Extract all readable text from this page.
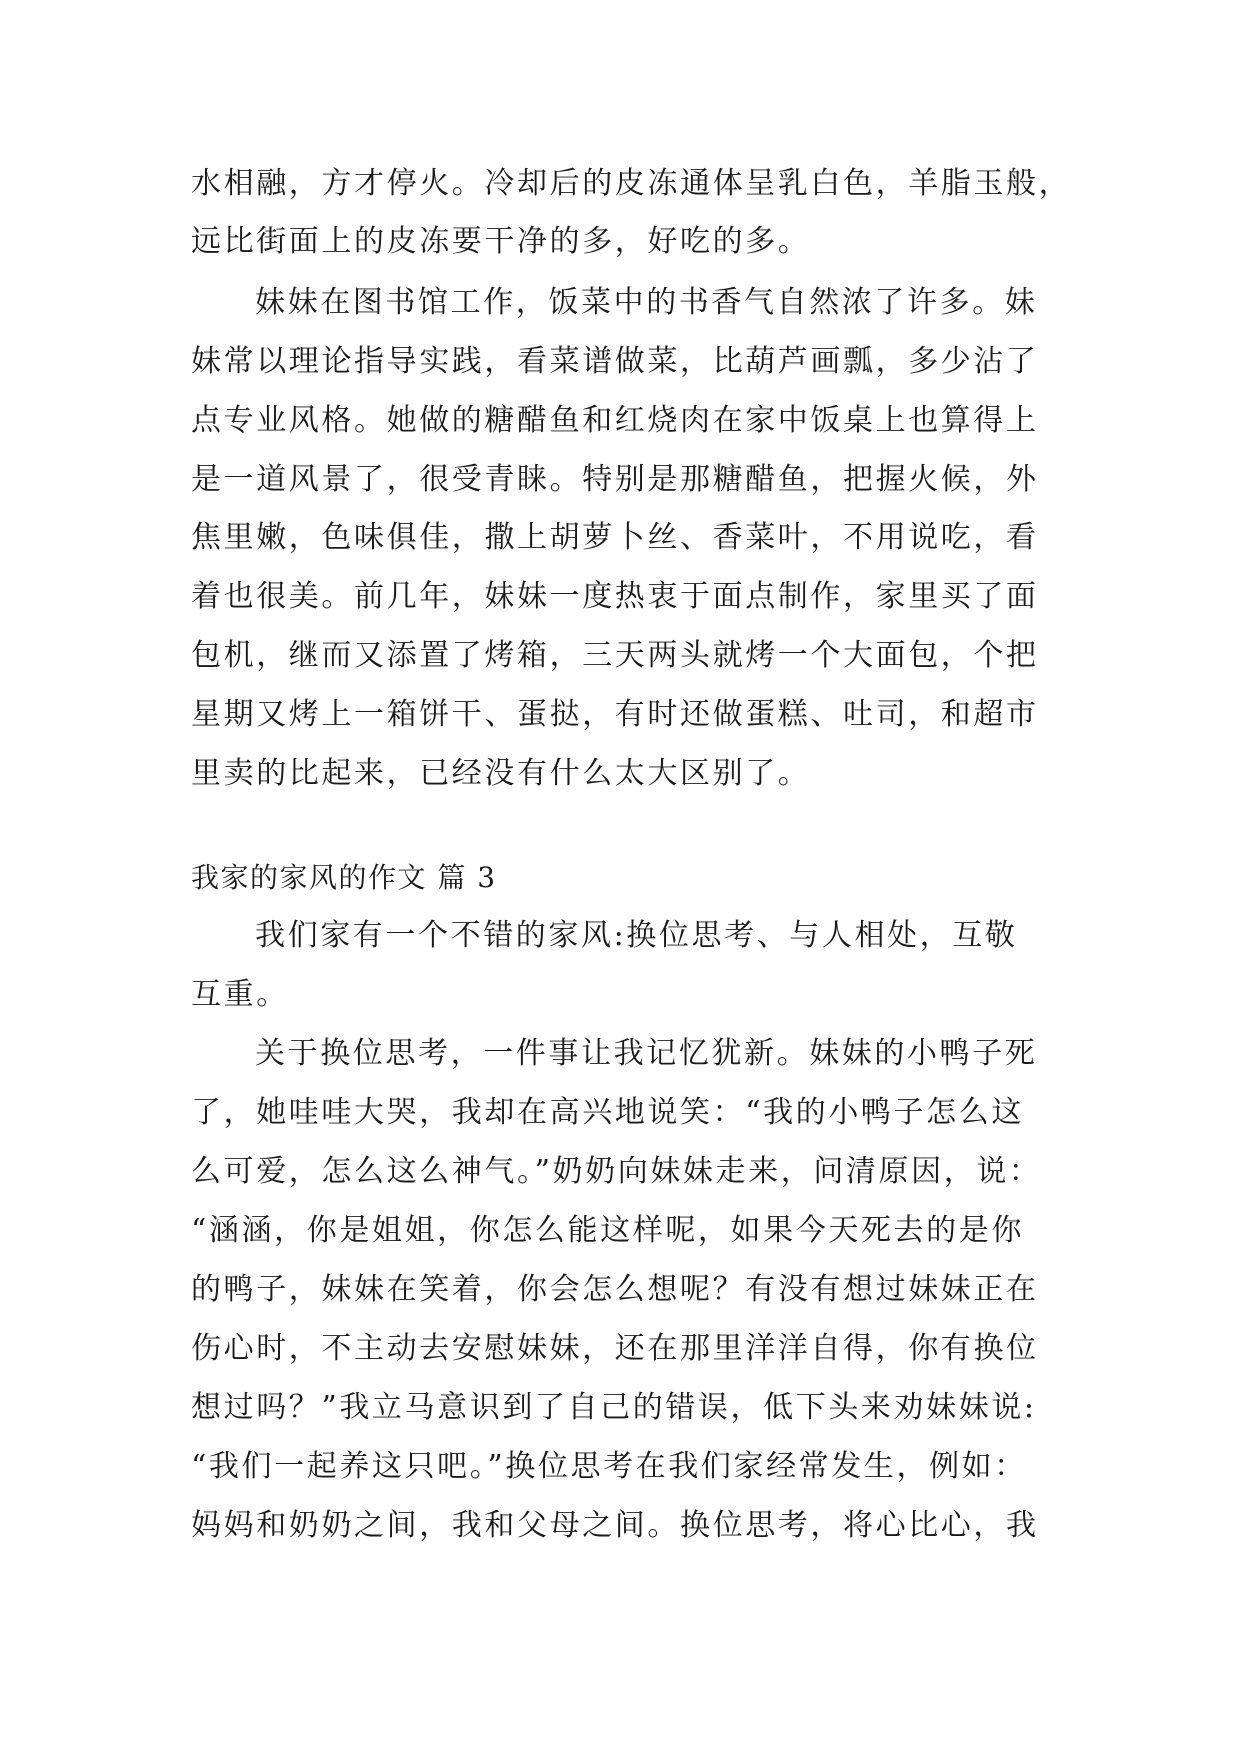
水相融，方才停火。冷却后的皮冻通体呈乳白色，羊脂玉般，
远比街面上的皮冻要干净的多，好吃的多。
妹妹在图书馆工作，饭菜中的书香气自然浓了许多。妹
妹常以理论指导实践，看菜谱做菜，比葫芦画瓢，多少沾了
点专业风格。她做的糖醋鱼和红烧肉在家中饭桌上也算得上
是一道风景了，很受青睐。特别是那糖醋鱼，把握火候，外
焦里嫩，色味俱佳，撒上胡萝卜丝、香菜叶，不用说吃，看
着也很美。前几年，妹妹一度热衷于面点制作，家里买了面
包机，继而又添置了烤箱，三天两头就烤一个大面包，个把
星期又烤上一箱饼干、蛋挞，有时还做蛋糕、吐司，和超市
里卖的比起来，已经没有什么太大区别了。
我家的家风的作文 篇 3
我们家有一个不错的家风:换位思考、与人相处，互敬
互重。
关于换位思考，一件事让我记忆犹新。妹妹的小鸭子死
了，她哇哇大哭，我却在高兴地说笑：“我的小鸭子怎么这
么可爱，怎么这么神气。”奶奶向妹妹走来，问清原因，说：
“涵涵，你是姐姐，你怎么能这样呢，如果今天死去的是你
的鸭子，妹妹在笑着，你会怎么想呢？有没有想过妹妹正在
伤心时，不主动去安慰妹妹，还在那里洋洋自得，你有换位
想过吗？”我立马意识到了自己的错误，低下头来劝妹妹说:
“我们一起养这只吧。”换位思考在我们家经常发生，例如：
妈妈和奶奶之间，我和父母之间。换位思考，将心比心，我
